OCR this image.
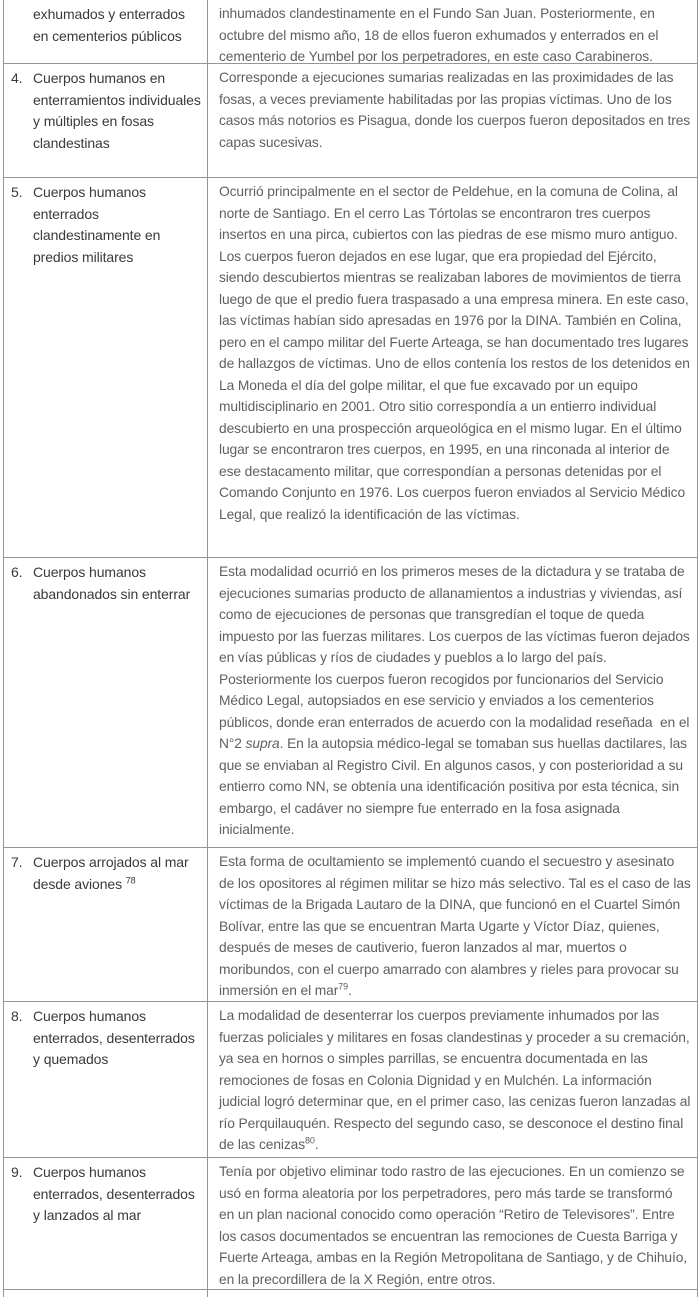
exhumados y enterrados en cementerios públicos

inhumados clandestinamente en el Fundo San Juan. Posteriormente, en octubre del mismo año, 18 de ellos fueron exhumados y enterrados en el cementerio de Yumbel por los perpetradores, en este caso Carabineros.

4. Cuerpos humanos en enterramientos individuales y múltiples en fosas clandestinas

Corresponde a ejecuciones sumarias realizadas en las proximidades de las fosas, a veces previamente habilitadas por las propias víctimas. Uno de los casos más notorios es Pisagua, donde los cuerpos fueron depositados en tres capas sucesivas.

5. Cuerpos humanos enterrados clandestinamente en predios militares

Ocurrió principalmente en el sector de Peldehue, en la comuna de Colina, al norte de Santiago. En el cerro Las Tórtolas se encontraron tres cuerpos insertos en una pirca, cubiertos con las piedras de ese mismo muro antiguo. Los cuerpos fueron dejados en ese lugar, que era propiedad del Ejército, siendo descubiertos mientras se realizaban labores de movimientos de tierra luego de que el predio fuera traspasado a una empresa minera. En este caso, las víctimas habían sido apresadas en 1976 por la DINA. También en Colina, pero en el campo militar del Fuerte Arteaga, se han documentado tres lugares de hallazgos de víctimas. Uno de ellos contenía los restos de los detenidos en La Moneda el día del golpe militar, el que fue excavado por un equipo multidisciplinario en 2001. Otro sitio correspondía a un entierro individual descubierto en una prospección arqueológica en el mismo lugar. En el último lugar se encontraron tres cuerpos, en 1995, en una rinconada al interior de ese destacamento militar, que correspondían a personas detenidas por el Comando Conjunto en 1976. Los cuerpos fueron enviados al Servicio Médico Legal, que realizó la identificación de las víctimas.

6. Cuerpos humanos abandonados sin enterrar

Esta modalidad ocurrió en los primeros meses de la dictadura y se trataba de ejecuciones sumarias producto de allanamientos a industrias y viviendas, así como de ejecuciones de personas que transgredían el toque de queda impuesto por las fuerzas militares. Los cuerpos de las víctimas fueron dejados en vías públicas y ríos de ciudades y pueblos a lo largo del país. Posteriormente los cuerpos fueron recogidos por funcionarios del Servicio Médico Legal, autopsiados en ese servicio y enviados a los cementerios públicos, donde eran enterrados de acuerdo con la modalidad reseñada  en el N°2 supra. En la autopsia médico-legal se tomaban sus huellas dactilares, las que se enviaban al Registro Civil. En algunos casos, y con posterioridad a su entierro como NN, se obtenía una identificación positiva por esta técnica, sin embargo, el cadáver no siempre fue enterrado en la fosa asignada inicialmente.

7. Cuerpos arrojados al mar desde aviones $^{78}$

Esta forma de ocultamiento se implementó cuando el secuestro y asesinato de los opositores al régimen militar se hizo más selectivo. Tal es el caso de las víctimas de la Brigada Lautaro de la DINA, que funcionó en el Cuartel Simón Bolívar, entre las que se encuentran Marta Ugarte y Víctor Díaz, quienes, después de meses de cautiverio, fueron lanzados al mar, muertos o moribundos, con el cuerpo amarrado con alambres y rieles para provocar su inmersión en el mar$^{79}$.

8. Cuerpos humanos enterrados, desenterrados y quemados

La modalidad de desenterrar los cuerpos previamente inhumados por las fuerzas policiales y militares en fosas clandestinas y proceder a su cremación, ya sea en hornos o simples parrillas, se encuentra documentada en las remociones de fosas en Colonia Dignidad y en Mulchén. La información judicial logró determinar que, en el primer caso, las cenizas fueron lanzadas al río Perquilauquén. Respecto del segundo caso, se desconoce el destino final de las cenizas$^{80}$.

9. Cuerpos humanos enterrados, desenterrados y lanzados al mar

Tenía por objetivo eliminar todo rastro de las ejecuciones. En un comienzo se usó en forma aleatoria por los perpetradores, pero más tarde se transformó en un plan nacional conocido como operación “Retiro de Televisores”. Entre los casos documentados se encuentran las remociones de Cuesta Barriga y Fuerte Arteaga, ambas en la Región Metropolitana de Santiago, y de Chihuío, en la precordillera de la X Región, entre otros.
